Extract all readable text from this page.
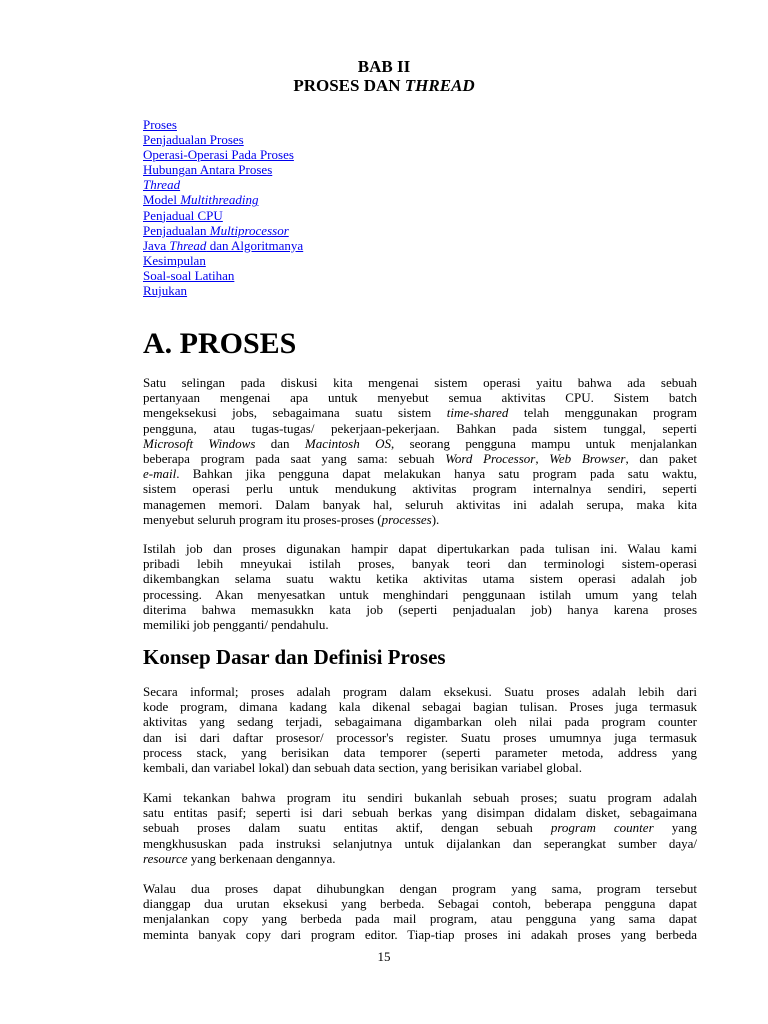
BAB II
PROSES DAN THREAD
Proses
Penjadualan Proses
Operasi-Operasi Pada Proses
Hubungan Antara Proses
Thread
Model Multithreading
Penjadual CPU
Penjadualan Multiprocessor
Java Thread dan Algoritmanya
Kesimpulan
Soal-soal Latihan
Rujukan
A. PROSES
Satu selingan pada diskusi kita mengenai sistem operasi yaitu bahwa ada sebuah
pertanyaan mengenai apa untuk menyebut semua aktivitas CPU. Sistem batch
mengeksekusi jobs, sebagaimana suatu sistem time-shared telah menggunakan program
pengguna, atau tugas-tugas/ pekerjaan-pekerjaan. Bahkan pada sistem tunggal, seperti
Microsoft Windows dan Macintosh OS, seorang pengguna mampu untuk menjalankan
beberapa program pada saat yang sama: sebuah Word Processor, Web Browser, dan paket
e-mail. Bahkan jika pengguna dapat melakukan hanya satu program pada satu waktu,
sistem operasi perlu untuk mendukung aktivitas program internalnya sendiri, seperti
managemen memori. Dalam banyak hal, seluruh aktivitas ini adalah serupa, maka kita
menyebut seluruh program itu proses-proses (processes).
Istilah job dan proses digunakan hampir dapat dipertukarkan pada tulisan ini. Walau kami
pribadi lebih mneyukai istilah proses, banyak teori dan terminologi sistem-operasi
dikembangkan selama suatu waktu ketika aktivitas utama sistem operasi adalah job
processing. Akan menyesatkan untuk menghindari penggunaan istilah umum yang telah
diterima bahwa memasukkn kata job (seperti penjadualan job) hanya karena proses
memiliki job pengganti/ pendahulu.
Konsep Dasar dan Definisi Proses
Secara informal; proses adalah program dalam eksekusi. Suatu proses adalah lebih dari
kode program, dimana kadang kala dikenal sebagai bagian tulisan. Proses juga termasuk
aktivitas yang sedang terjadi, sebagaimana digambarkan oleh nilai pada program counter
dan isi dari daftar prosesor/ processor's register. Suatu proses umumnya juga termasuk
process stack, yang berisikan data temporer (seperti parameter metoda, address yang
kembali, dan variabel lokal) dan sebuah data section, yang berisikan variabel global.
Kami tekankan bahwa program itu sendiri bukanlah sebuah proses; suatu program adalah
satu entitas pasif; seperti isi dari sebuah berkas yang disimpan didalam disket, sebagaimana
sebuah proses dalam suatu entitas aktif, dengan sebuah program counter yang
mengkhususkan pada instruksi selanjutnya untuk dijalankan dan seperangkat sumber daya/
resource yang berkenaan dengannya.
Walau dua proses dapat dihubungkan dengan program yang sama, program tersebut
dianggap dua urutan eksekusi yang berbeda. Sebagai contoh, beberapa pengguna dapat
menjalankan copy yang berbeda pada mail program, atau pengguna yang sama dapat
meminta banyak copy dari program editor. Tiap-tiap proses ini adakah proses yang berbeda
15
